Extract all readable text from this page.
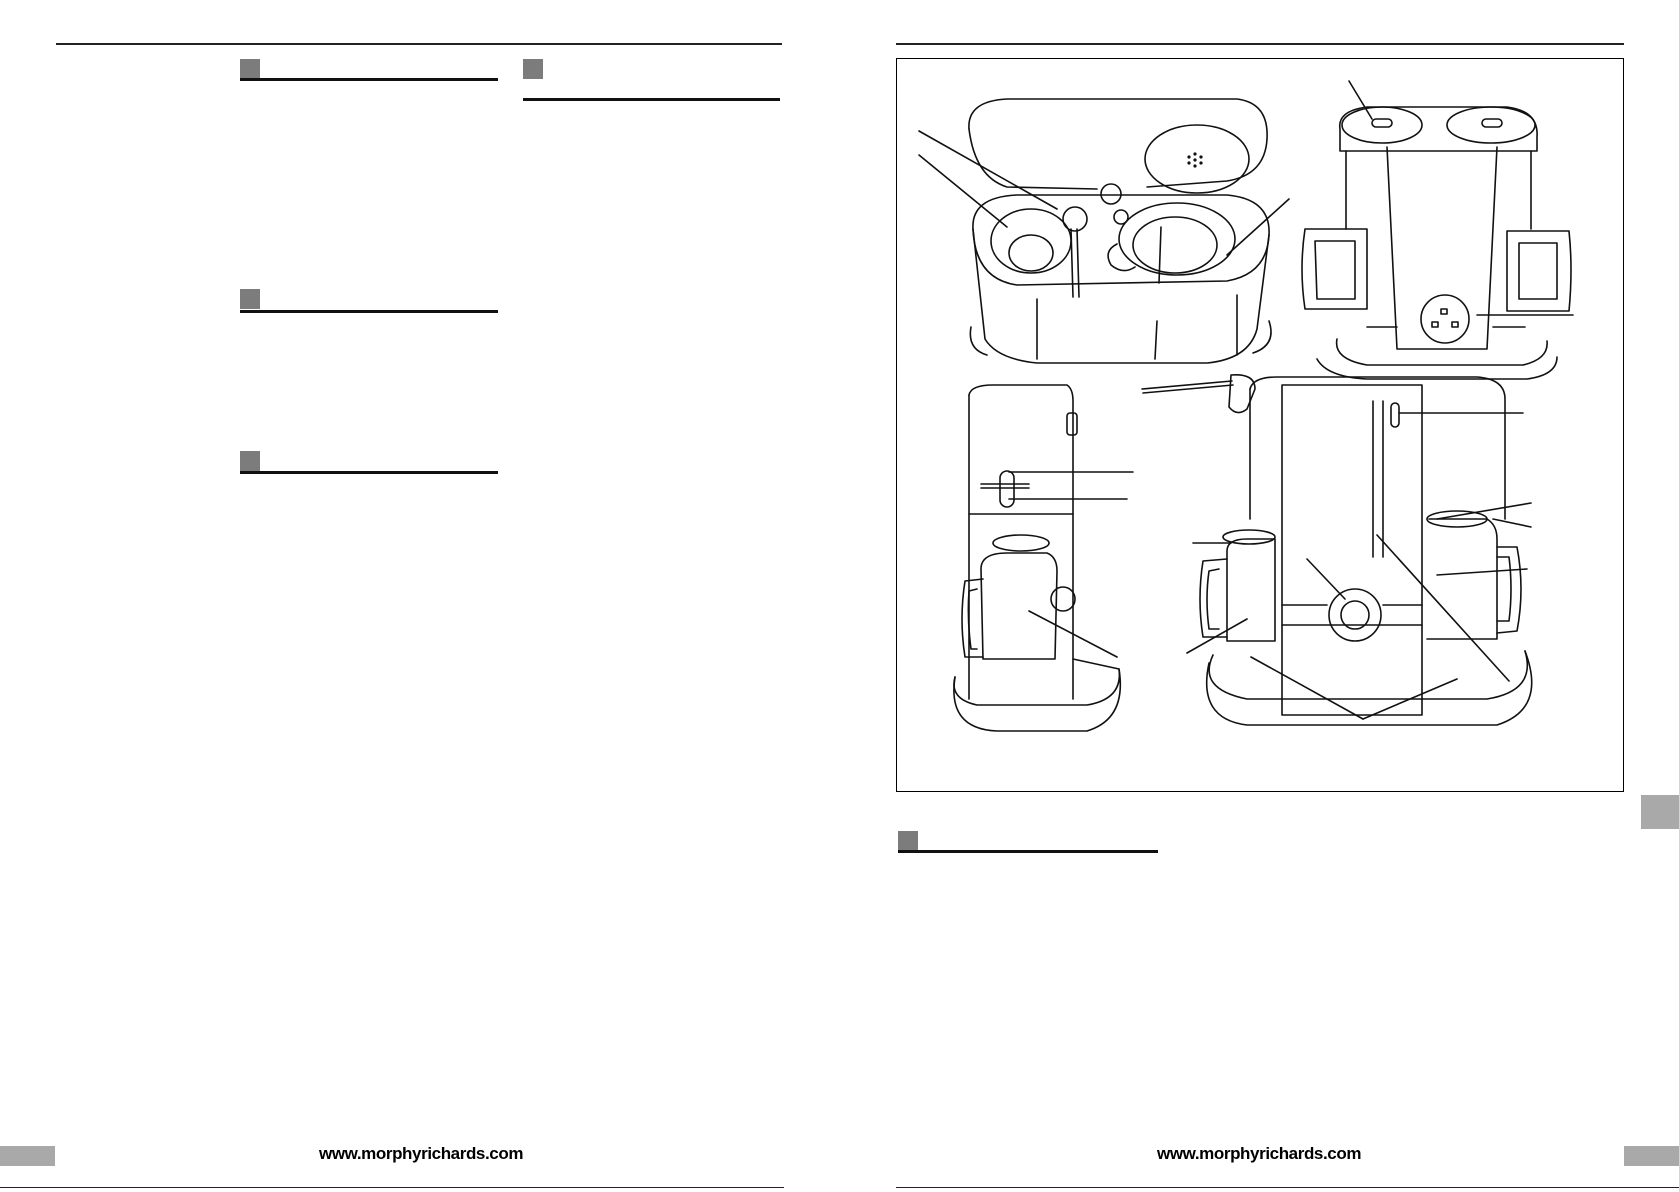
www.morphyrichards.com	www.morphyrichards.com
